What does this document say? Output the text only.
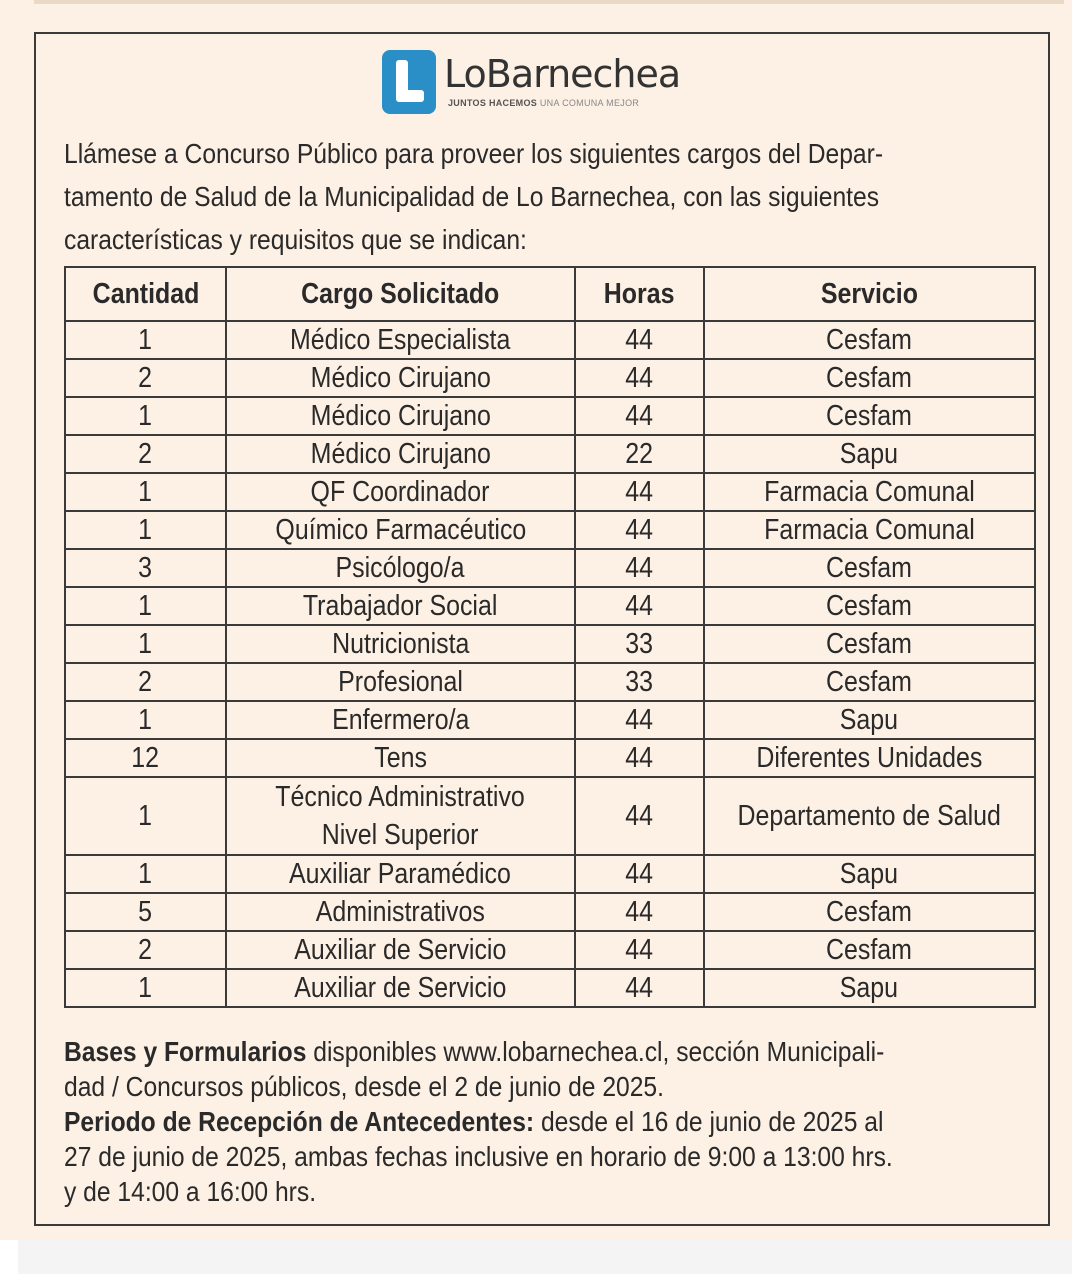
LoBarnechea
JUNTOS HACEMOS UNA COMUNA MEJOR
Llámese a Concurso Público para proveer los siguientes cargos del Depar-
tamento de Salud de la Municipalidad de Lo Barnechea, con las siguientes
características y requisitos que se indican:
Cantidad	Cargo Solicitado	Horas	Servicio
1	Médico Especialista	44	Cesfam
2	Médico Cirujano	44	Cesfam
1	Médico Cirujano	44	Cesfam
2	Médico Cirujano	22	Sapu
1	QF Coordinador	44	Farmacia Comunal
1	Químico Farmacéutico	44	Farmacia Comunal
3	Psicólogo/a	44	Cesfam
1	Trabajador Social	44	Cesfam
1	Nutricionista	33	Cesfam
2	Profesional	33	Cesfam
1	Enfermero/a	44	Sapu
12	Tens	44	Diferentes Unidades
1	Técnico Administrativo
Nivel Superior	44	Departamento de Salud
1	Auxiliar Paramédico	44	Sapu
5	Administrativos	44	Cesfam
2	Auxiliar de Servicio	44	Cesfam
1	Auxiliar de Servicio	44	Sapu
Bases y Formularios disponibles www.lobarnechea.cl, sección Municipali-
dad / Concursos públicos, desde el 2 de junio de 2025.
Periodo de Recepción de Antecedentes: desde el 16 de junio de 2025 al
27 de junio de 2025, ambas fechas inclusive en horario de 9:00 a 13:00 hrs.
y de 14:00 a 16:00 hrs.
